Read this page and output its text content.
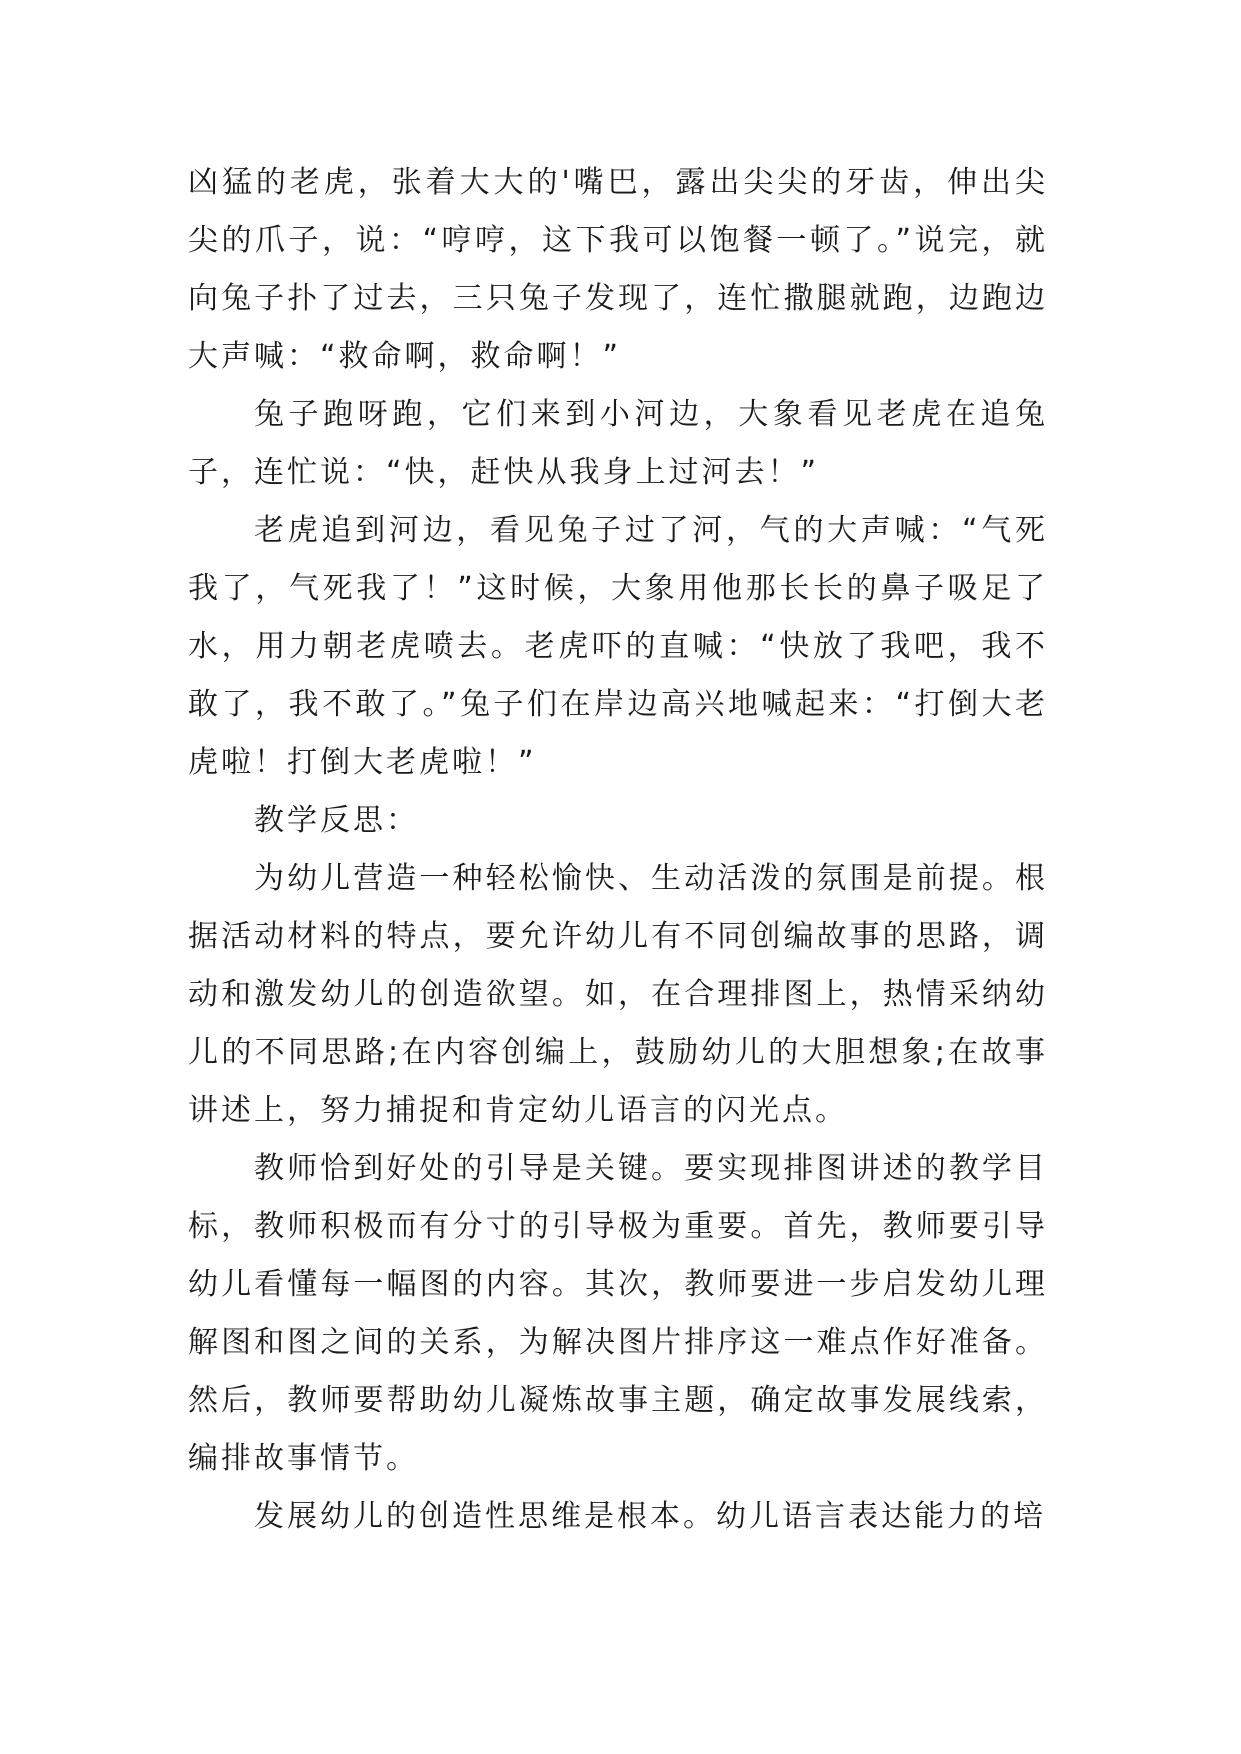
凶猛的老虎，张着大大的'嘴巴，露出尖尖的牙齿，伸出尖尖的爪子，说：“哼哼，这下我可以饱餐一顿了。”说完，就向兔子扑了过去，三只兔子发现了，连忙撒腿就跑，边跑边大声喊：“救命啊，救命啊！”

兔子跑呀跑，它们来到小河边，大象看见老虎在追兔子，连忙说：“快，赶快从我身上过河去！”

老虎追到河边，看见兔子过了河，气的大声喊：“气死我了，气死我了！”这时候，大象用他那长长的鼻子吸足了水，用力朝老虎喷去。老虎吓的直喊：“快放了我吧，我不敢了，我不敢了。”兔子们在岸边高兴地喊起来：“打倒大老虎啦！打倒大老虎啦！”

教学反思：

为幼儿营造一种轻松愉快、生动活泼的氛围是前提。根据活动材料的特点，要允许幼儿有不同创编故事的思路，调动和激发幼儿的创造欲望。如，在合理排图上，热情采纳幼儿的不同思路;在内容创编上，鼓励幼儿的大胆想象;在故事讲述上，努力捕捉和肯定幼儿语言的闪光点。

教师恰到好处的引导是关键。要实现排图讲述的教学目标，教师积极而有分寸的引导极为重要。首先，教师要引导幼儿看懂每一幅图的内容。其次，教师要进一步启发幼儿理解图和图之间的关系，为解决图片排序这一难点作好准备。然后，教师要帮助幼儿凝炼故事主题，确定故事发展线索，编排故事情节。

发展幼儿的创造性思维是根本。幼儿语言表达能力的培
